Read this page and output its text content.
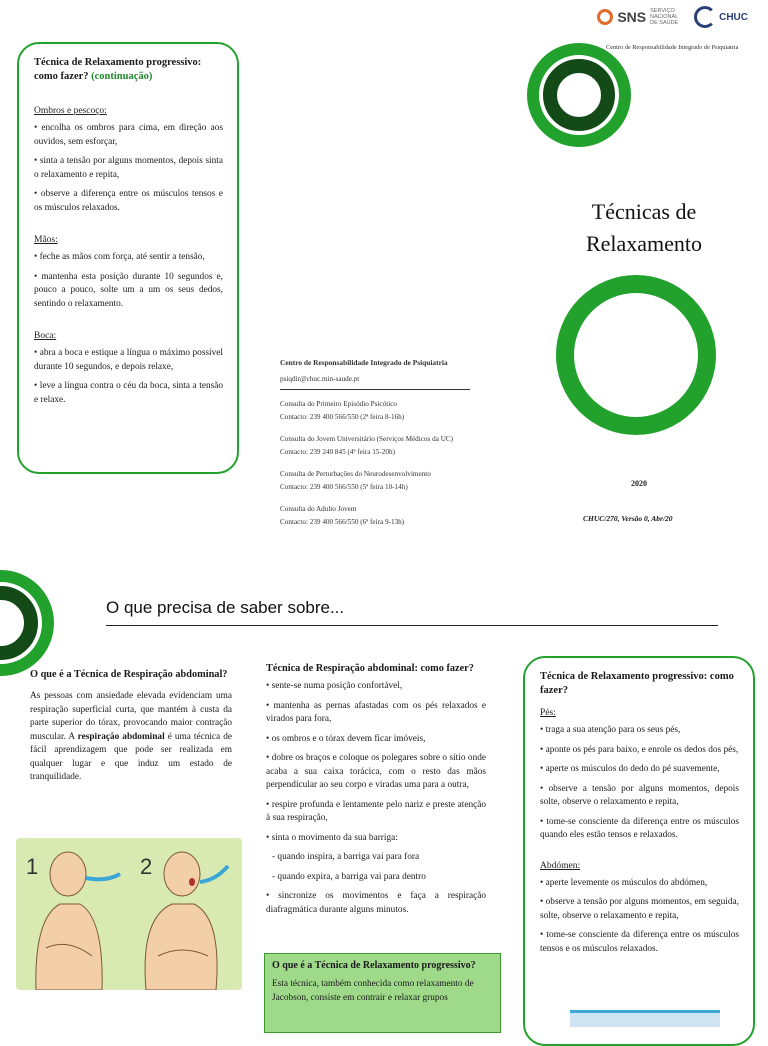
SNS SERVIÇO NACIONAL DE SAÚDE
CHUC
Centro de Responsabilidade Integrado de Psiquiatria

Técnica de Relaxamento progressivo: como fazer? (continuação)

Ombros e pescoço:

• encolha os ombros para cima, em direção aos ouvidos, sem esforçar,

• sinta a tensão por alguns momentos, depois sinta o relaxamento e repita,

• observe a diferença entre os músculos tensos e os músculos relaxados.

Mãos:

• feche as mãos com força, até sentir a tensão,

• mantenha esta posição durante 10 segundos e, pouco a pouco, solte um a um os seus dedos, sentindo o relaxamento.

Boca:

• abra a boca e estique a língua o máximo possível durante 10 segundos, e depois relaxe,

• leve a língua contra o céu da boca, sinta a tensão e relaxe.

Técnicas de
Relaxamento
2020
CHUC/270, Versão 0, Abr/20
Centro de Responsabilidade Integrado de Psiquiatria
psiqdir@chuc.min-saude.pt
Consulta do Primeiro Episódio Psicótico
Contacto: 239 400 566/550 (2ª feira 8-16h)
Consulta do Jovem Universitário (Serviços Médicos da UC)
Contacto: 239 240 845 (4ª feira 15-20h)
Consulta de Perturbações do Neurodesenvolvimento
Contacto: 239 400 566/550 (5ª feira 10-14h)
Consulta do Adulto Jovem
Contacto: 239 400 566/550 (6ª feira 9-13h)
O que precisa de saber sobre...

O que é a Técnica de Respiração abdominal?

As pessoas com ansiedade elevada evidenciam uma respiração superficial curta, que mantém à custa da parte superior do tórax, provocando maior contração muscular. A respiração abdominal é uma técnica de fácil aprendizagem que pode ser realizada em qualquer lugar e que induz um estado de tranquilidade.

1	2

Técnica de Respiração abdominal: como fazer?

• sente-se numa posição confortável,

• mantenha as pernas afastadas com os pés relaxados e virados para fora,

• os ombros e o tórax devem ficar imóveis,

• dobre os braços e coloque os polegares sobre o sítio onde acaba a sua caixa torácica, com o resto das mãos perpendicular ao seu corpo e viradas uma para a outra,

• respire profunda e lentamente pelo nariz e preste atenção à sua respiração,

• sinta o movimento da sua barriga:

- quando inspira, a barriga vai para fora

- quando expira, a barriga vai para dentro

• sincronize os movimentos e faça a respiração diafragmática durante alguns minutos.

O que é a Técnica de Relaxamento progressivo?

Esta técnica, também conhecida como relaxamento de Jacobson, consiste em contrair e relaxar grupos

Técnica de Relaxamento progressivo: como fazer?

Pés:

• traga a sua atenção para os seus pés,

• aponte os pés para baixo, e enrole os dedos dos pés,

• aperte os músculos do dedo do pé suavemente,

• observe a tensão por alguns momentos, depois solte, observe o relaxamento e repita,

• tome-se consciente da diferença entre os músculos quando eles estão tensos e relaxados.

Abdómen:

• aperte levemente os músculos do abdómen,

• observe a tensão por alguns momentos, em seguida, solte, observe o relaxamento e repita,

• tome-se consciente da diferença entre os músculos tensos e os músculos relaxados.
